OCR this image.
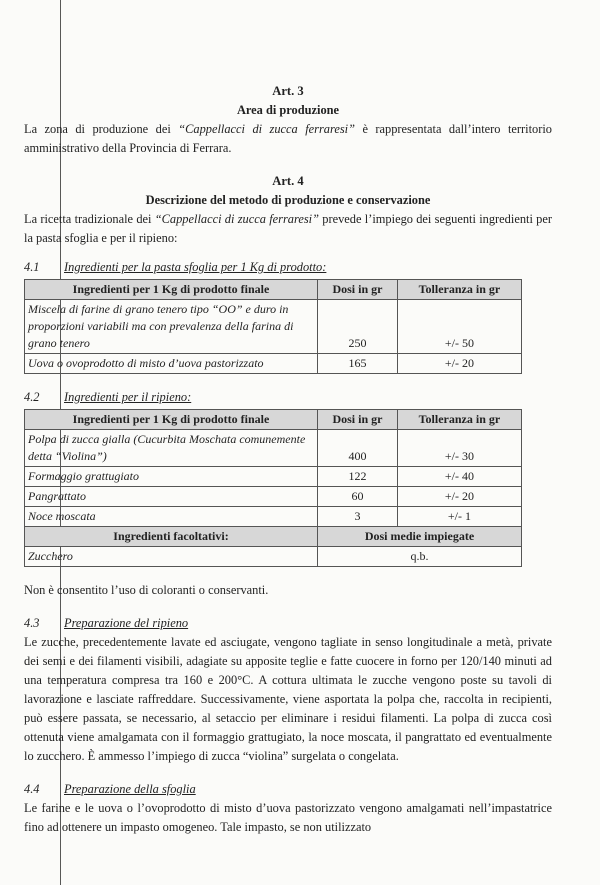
Art. 3
Area di produzione

La zona di produzione dei “Cappellacci di zucca ferraresi” è rappresentata dall’intero territorio amministrativo della Provincia di Ferrara.

Art. 4
Descrizione del metodo di produzione e conservazione

La ricetta tradizionale dei “Cappellacci di zucca ferraresi” prevede l’impiego dei seguenti ingredienti per la pasta sfoglia e per il ripieno:

4.1 Ingredienti per la pasta sfoglia per 1 Kg di prodotto:
Ingredienti per 1 Kg di prodotto finale	Dosi in gr	Tolleranza in gr
Miscela di farine di grano tenero tipo “OO” e duro in proporzioni variabili ma con prevalenza della farina di grano tenero	250	+/- 50
Uova o ovoprodotto di misto d’uova pastorizzato	165	+/- 20
4.2 Ingredienti per il ripieno:
Ingredienti per 1 Kg di prodotto finale	Dosi in gr	Tolleranza in gr
Polpa di zucca gialla (Cucurbita Moschata comunemente detta “Violina”)	400	+/- 30
Formaggio grattugiato	122	+/- 40
Pangrattato	60	+/- 20
Noce moscata	3	+/- 1
Ingredienti facoltativi:	Dosi medie impiegate	
Zucchero	q.b.	

Non è consentito l’uso di coloranti o conservanti.

4.3 Preparazione del ripieno

Le zucche, precedentemente lavate ed asciugate, vengono tagliate in senso longitudinale a metà, private dei semi e dei filamenti visibili, adagiate su apposite teglie e fatte cuocere in forno per 120/140 minuti ad una temperatura compresa tra 160 e 200°C. A cottura ultimata le zucche vengono poste su tavoli di lavorazione e lasciate raffreddare. Successivamente, viene asportata la polpa che, raccolta in recipienti, può essere passata, se necessario, al setaccio per eliminare i residui filamenti. La polpa di zucca così ottenuta viene amalgamata con il formaggio grattugiato, la noce moscata, il pangrattato ed eventualmente lo zucchero. È ammesso l’impiego di zucca “violina” surgelata o congelata.

4.4 Preparazione della sfoglia

Le farine e le uova o l’ovoprodotto di misto d’uova pastorizzato vengono amalgamati nell’impastatrice fino ad ottenere un impasto omogeneo. Tale impasto, se non utilizzato
